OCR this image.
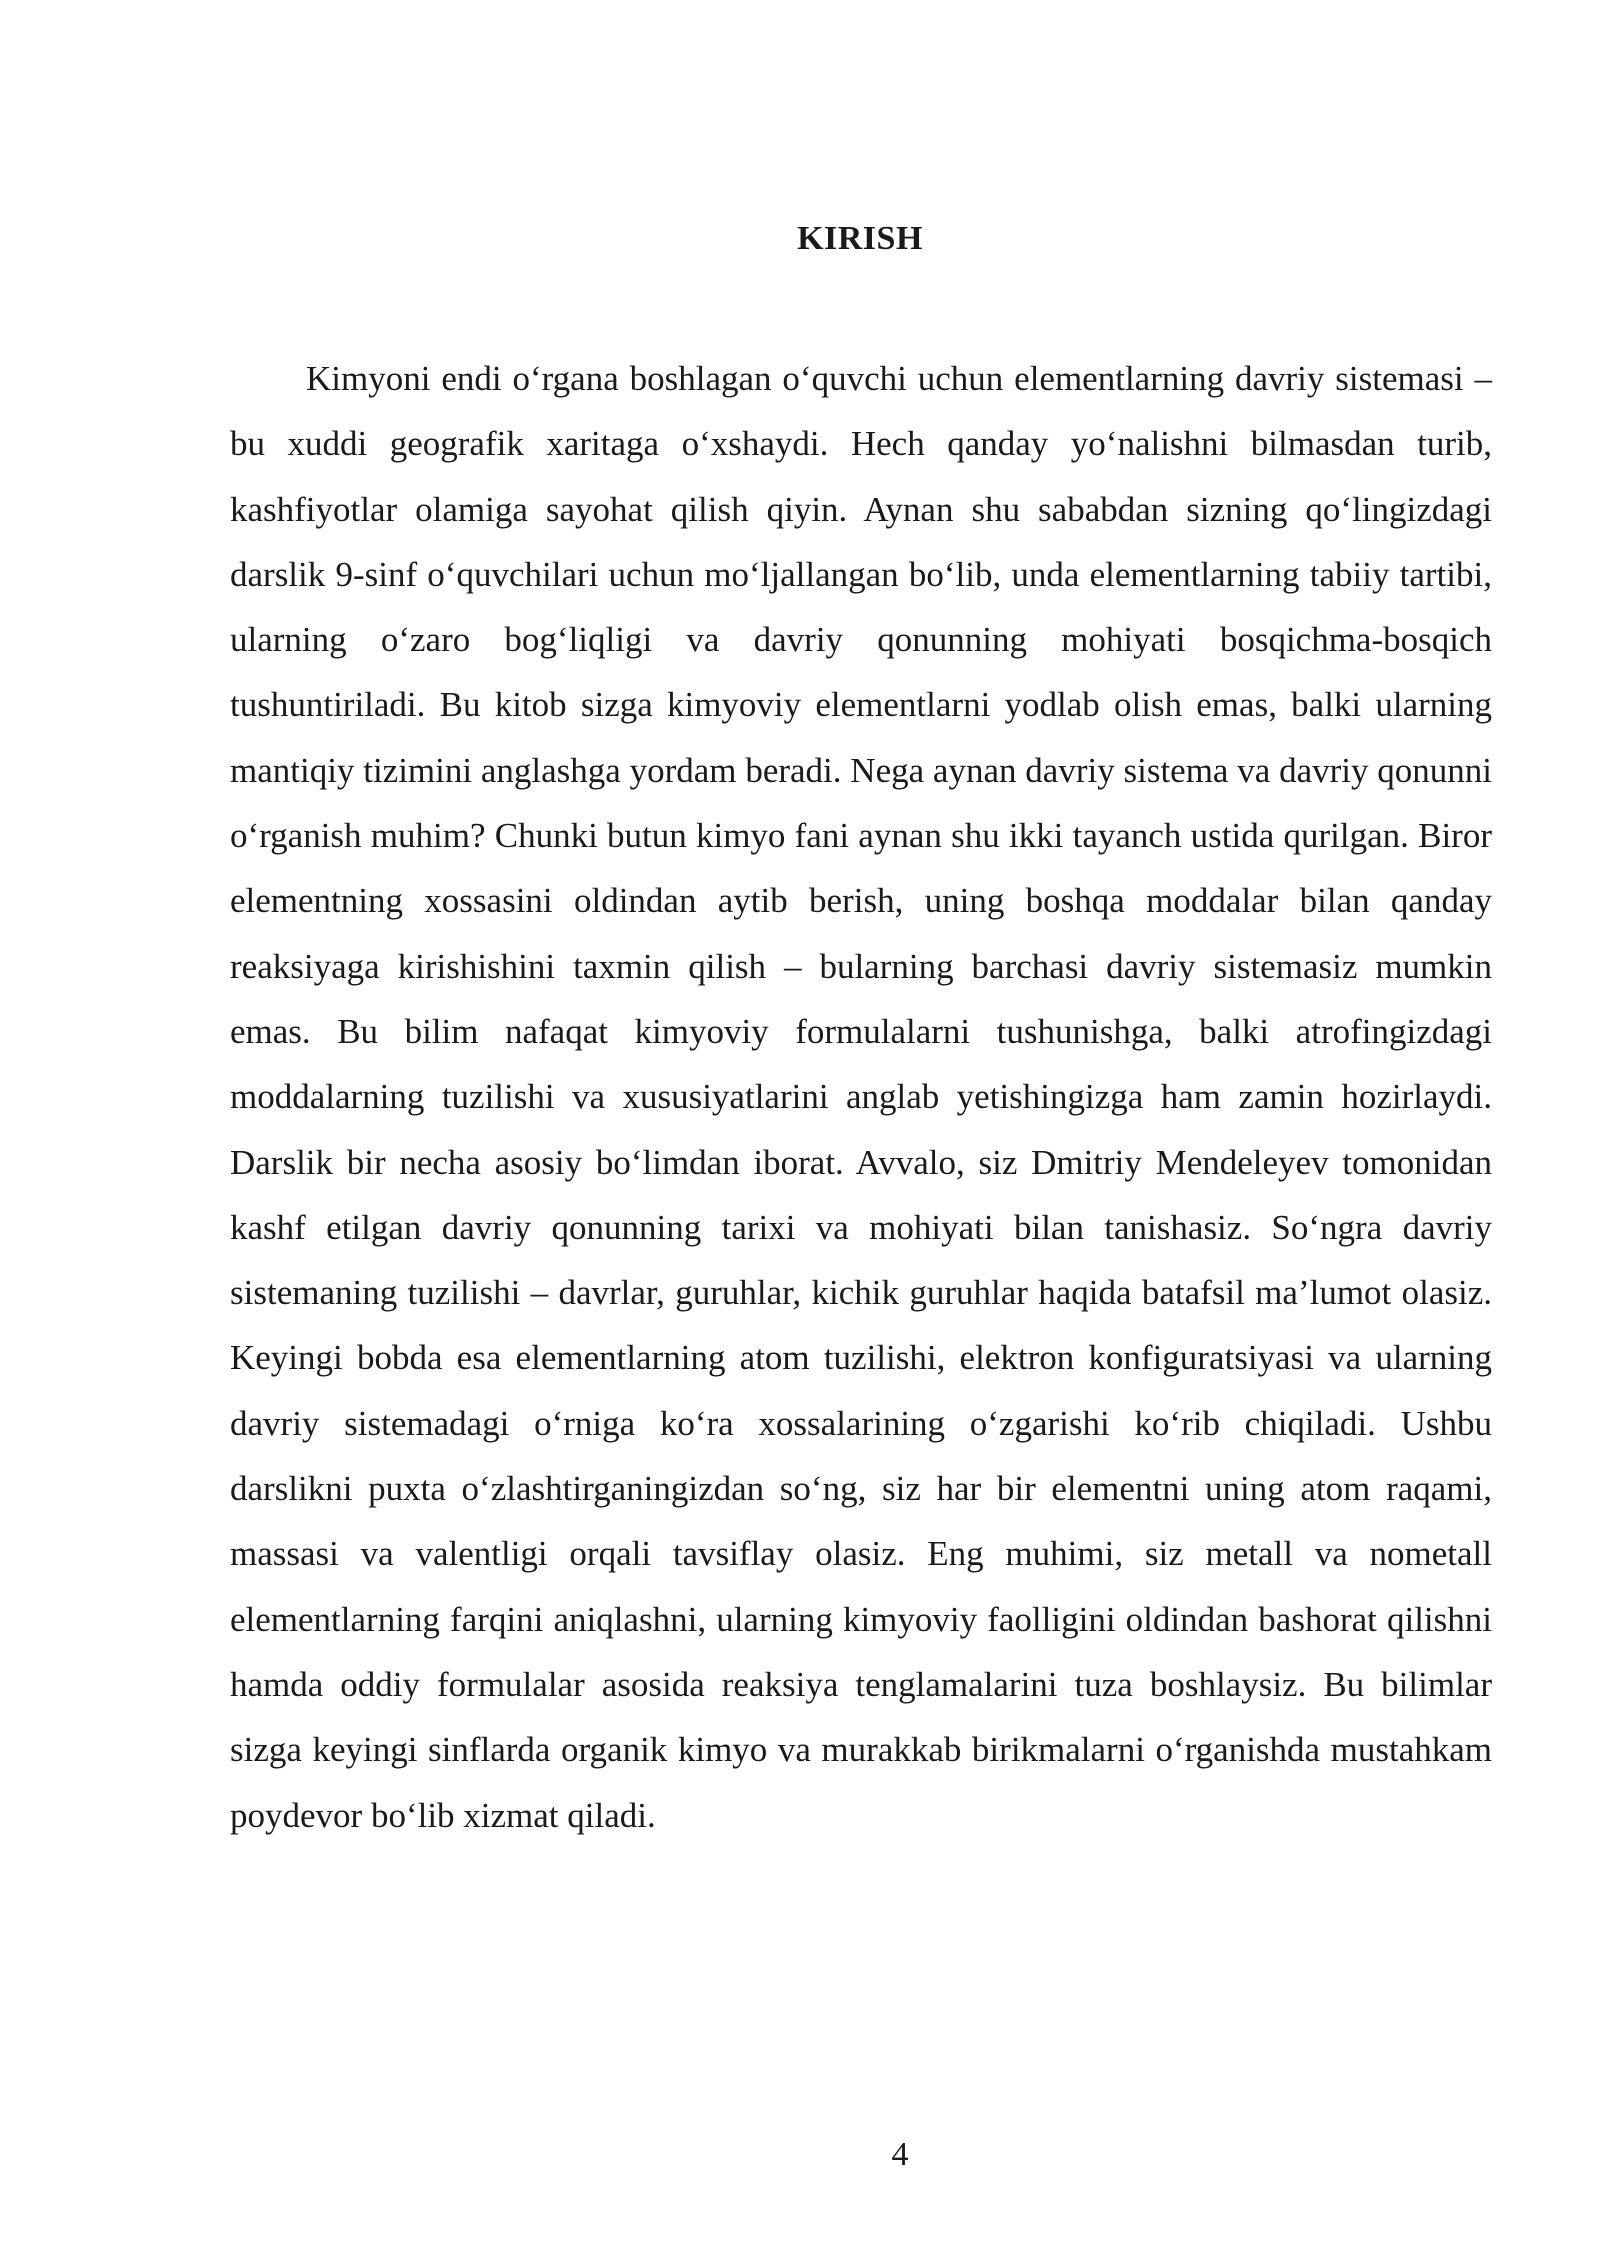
KIRISH

Kimyoni endi o‘rgana boshlagan o‘quvchi uchun elementlarning davriy sistemasi – bu xuddi geografik xaritaga o‘xshaydi. Hech qanday yo‘nalishni bilmasdan turib, kashfiyotlar olamiga sayohat qilish qiyin. Aynan shu sababdan sizning qo‘lingizdagi darslik 9-sinf o‘quvchilari uchun mo‘ljallangan bo‘lib, unda elementlarning tabiiy tartibi, ularning o‘zaro bog‘liqligi va davriy qonunning mohiyati bosqichma-bosqich tushuntiriladi. Bu kitob sizga kimyoviy elementlarni yodlab olish emas, balki ularning mantiqiy tizimini anglashga yordam beradi. Nega aynan davriy sistema va davriy qonunni o‘rganish muhim? Chunki butun kimyo fani aynan shu ikki tayanch ustida qurilgan. Biror elementning xossasini oldindan aytib berish, uning boshqa moddalar bilan qanday reaksiyaga kirishishini taxmin qilish – bularning barchasi davriy sistemasiz mumkin emas. Bu bilim nafaqat kimyoviy formulalarni tushunishga, balki atrofingizdagi moddalarning tuzilishi va xususiyatlarini anglab yetishingizga ham zamin hozirlaydi. Darslik bir necha asosiy bo‘limdan iborat. Avvalo, siz Dmitriy Mendeleyev tomonidan kashf etilgan davriy qonunning tarixi va mohiyati bilan tanishasiz. So‘ngra davriy sistemaning tuzilishi – davrlar, guruhlar, kichik guruhlar haqida batafsil ma’lumot olasiz. Keyingi bobda esa elementlarning atom tuzilishi, elektron konfiguratsiyasi va ularning davriy sistemadagi o‘rniga ko‘ra xossalarining o‘zgarishi ko‘rib chiqiladi. Ushbu darslikni puxta o‘zlashtirganingizdan so‘ng, siz har bir elementni uning atom raqami, massasi va valentligi orqali tavsiflay olasiz. Eng muhimi, siz metall va nometall elementlarning farqini aniqlashni, ularning kimyoviy faolligini oldindan bashorat qilishni hamda oddiy formulalar asosida reaksiya tenglamalarini tuza boshlaysiz. Bu bilimlar sizga keyingi sinflarda organik kimyo va murakkab birikmalarni o‘rganishda mustahkam poydevor bo‘lib xizmat qiladi.

4
